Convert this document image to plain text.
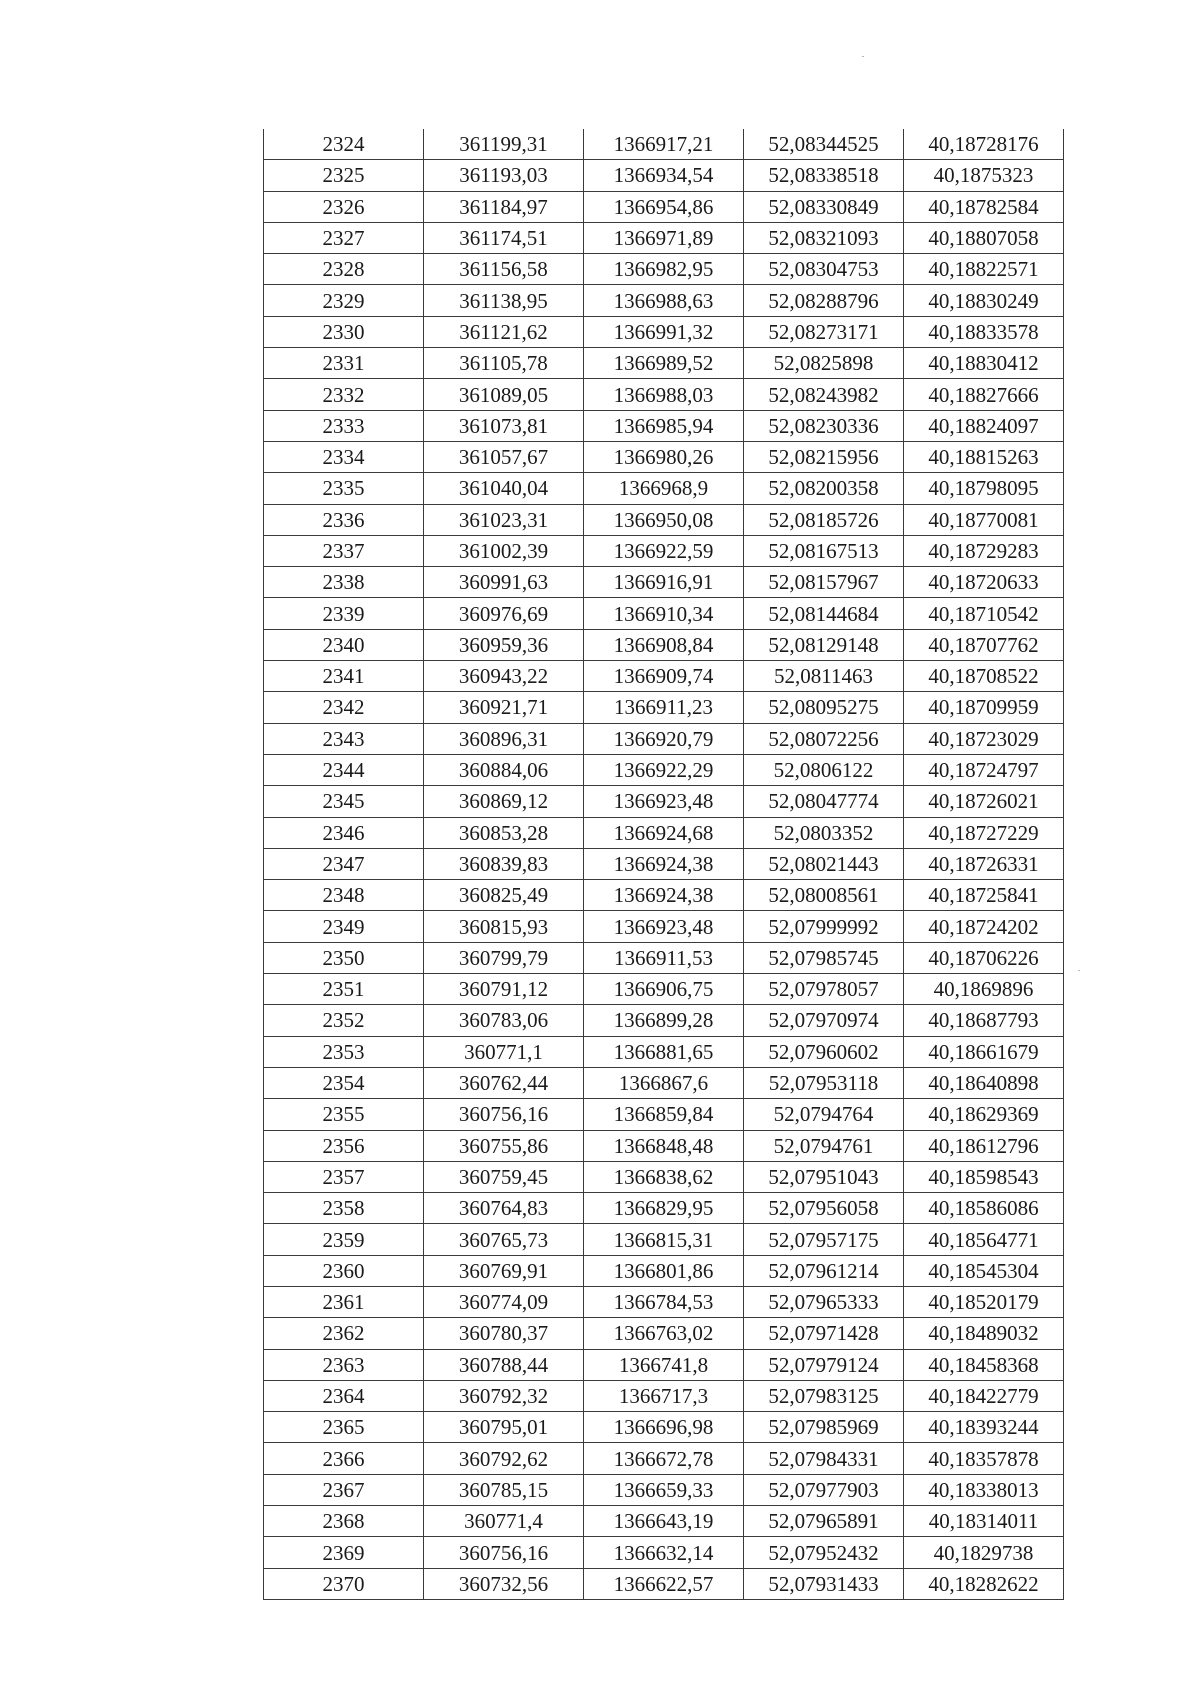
2324	361199,31	1366917,21	52,08344525	40,18728176
2325	361193,03	1366934,54	52,08338518	40,1875323
2326	361184,97	1366954,86	52,08330849	40,18782584
2327	361174,51	1366971,89	52,08321093	40,18807058
2328	361156,58	1366982,95	52,08304753	40,18822571
2329	361138,95	1366988,63	52,08288796	40,18830249
2330	361121,62	1366991,32	52,08273171	40,18833578
2331	361105,78	1366989,52	52,0825898	40,18830412
2332	361089,05	1366988,03	52,08243982	40,18827666
2333	361073,81	1366985,94	52,08230336	40,18824097
2334	361057,67	1366980,26	52,08215956	40,18815263
2335	361040,04	1366968,9	52,08200358	40,18798095
2336	361023,31	1366950,08	52,08185726	40,18770081
2337	361002,39	1366922,59	52,08167513	40,18729283
2338	360991,63	1366916,91	52,08157967	40,18720633
2339	360976,69	1366910,34	52,08144684	40,18710542
2340	360959,36	1366908,84	52,08129148	40,18707762
2341	360943,22	1366909,74	52,0811463	40,18708522
2342	360921,71	1366911,23	52,08095275	40,18709959
2343	360896,31	1366920,79	52,08072256	40,18723029
2344	360884,06	1366922,29	52,0806122	40,18724797
2345	360869,12	1366923,48	52,08047774	40,18726021
2346	360853,28	1366924,68	52,0803352	40,18727229
2347	360839,83	1366924,38	52,08021443	40,18726331
2348	360825,49	1366924,38	52,08008561	40,18725841
2349	360815,93	1366923,48	52,07999992	40,18724202
2350	360799,79	1366911,53	52,07985745	40,18706226
2351	360791,12	1366906,75	52,07978057	40,1869896
2352	360783,06	1366899,28	52,07970974	40,18687793
2353	360771,1	1366881,65	52,07960602	40,18661679
2354	360762,44	1366867,6	52,07953118	40,18640898
2355	360756,16	1366859,84	52,0794764	40,18629369
2356	360755,86	1366848,48	52,0794761	40,18612796
2357	360759,45	1366838,62	52,07951043	40,18598543
2358	360764,83	1366829,95	52,07956058	40,18586086
2359	360765,73	1366815,31	52,07957175	40,18564771
2360	360769,91	1366801,86	52,07961214	40,18545304
2361	360774,09	1366784,53	52,07965333	40,18520179
2362	360780,37	1366763,02	52,07971428	40,18489032
2363	360788,44	1366741,8	52,07979124	40,18458368
2364	360792,32	1366717,3	52,07983125	40,18422779
2365	360795,01	1366696,98	52,07985969	40,18393244
2366	360792,62	1366672,78	52,07984331	40,18357878
2367	360785,15	1366659,33	52,07977903	40,18338013
2368	360771,4	1366643,19	52,07965891	40,18314011
2369	360756,16	1366632,14	52,07952432	40,1829738
2370	360732,56	1366622,57	52,07931433	40,18282622
